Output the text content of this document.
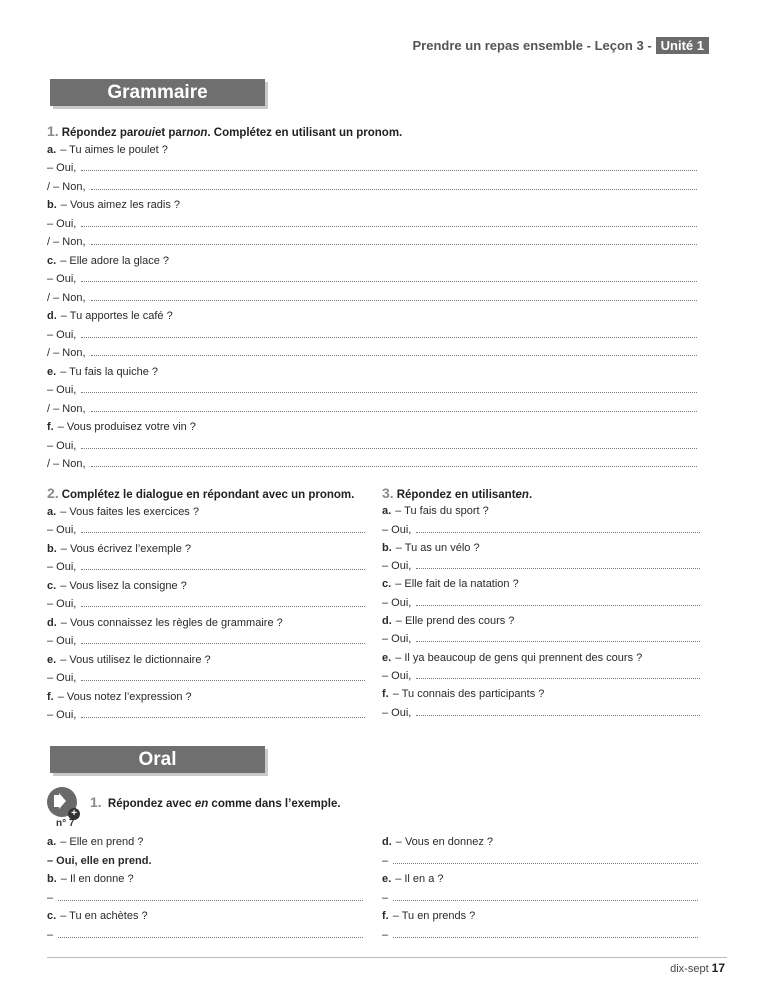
Prendre un repas ensemble - Leçon 3 - Unité 1
Grammaire
1. Répondez par oui et par non . Complétez en utilisant un pronom.
a. – Tu aimes le poulet ?
– Oui,
/ – Non,
b. – Vous aimez les radis ?
– Oui,
/ – Non,
c. – Elle adore la glace ?
– Oui,
/ – Non,
d. – Tu apportes le café ?
– Oui,
/ – Non,
e. – Tu fais la quiche ?
– Oui,
/ – Non,
f. – Vous produisez votre vin ?
– Oui,
/ – Non,
2. Complétez le dialogue en répondant avec un pronom.
a. – Vous faites les exercices ?
– Oui,
b. – Vous écrivez l’exemple ?
– Oui,
c. – Vous lisez la consigne ?
– Oui,
d. – Vous connaissez les règles de grammaire ?
– Oui,
e. – Vous utilisez le dictionnaire ?
– Oui,
f. – Vous notez l’expression ?
– Oui,
3. Répondez en utilisant en .
a. – Tu fais du sport ?
– Oui,
b. – Tu as un vélo ?
– Oui,
c. – Elle fait de la natation ?
– Oui,
d. – Elle prend des cours ?
– Oui,
e. – Il ya beaucoup de gens qui prennent des cours ?
– Oui,
f. – Tu connais des participants ?
– Oui,
Oral
+
n° 7
1. Répondez avec en comme dans l’exemple.
a. – Elle en prend ?
– Oui, elle en prend.
b. – Il en donne ?
–
c. – Tu en achètes ?
–
d. – Vous en donnez ?
–
e. – Il en a ?
–
f. – Tu en prends ?
–
dix-sept 17
